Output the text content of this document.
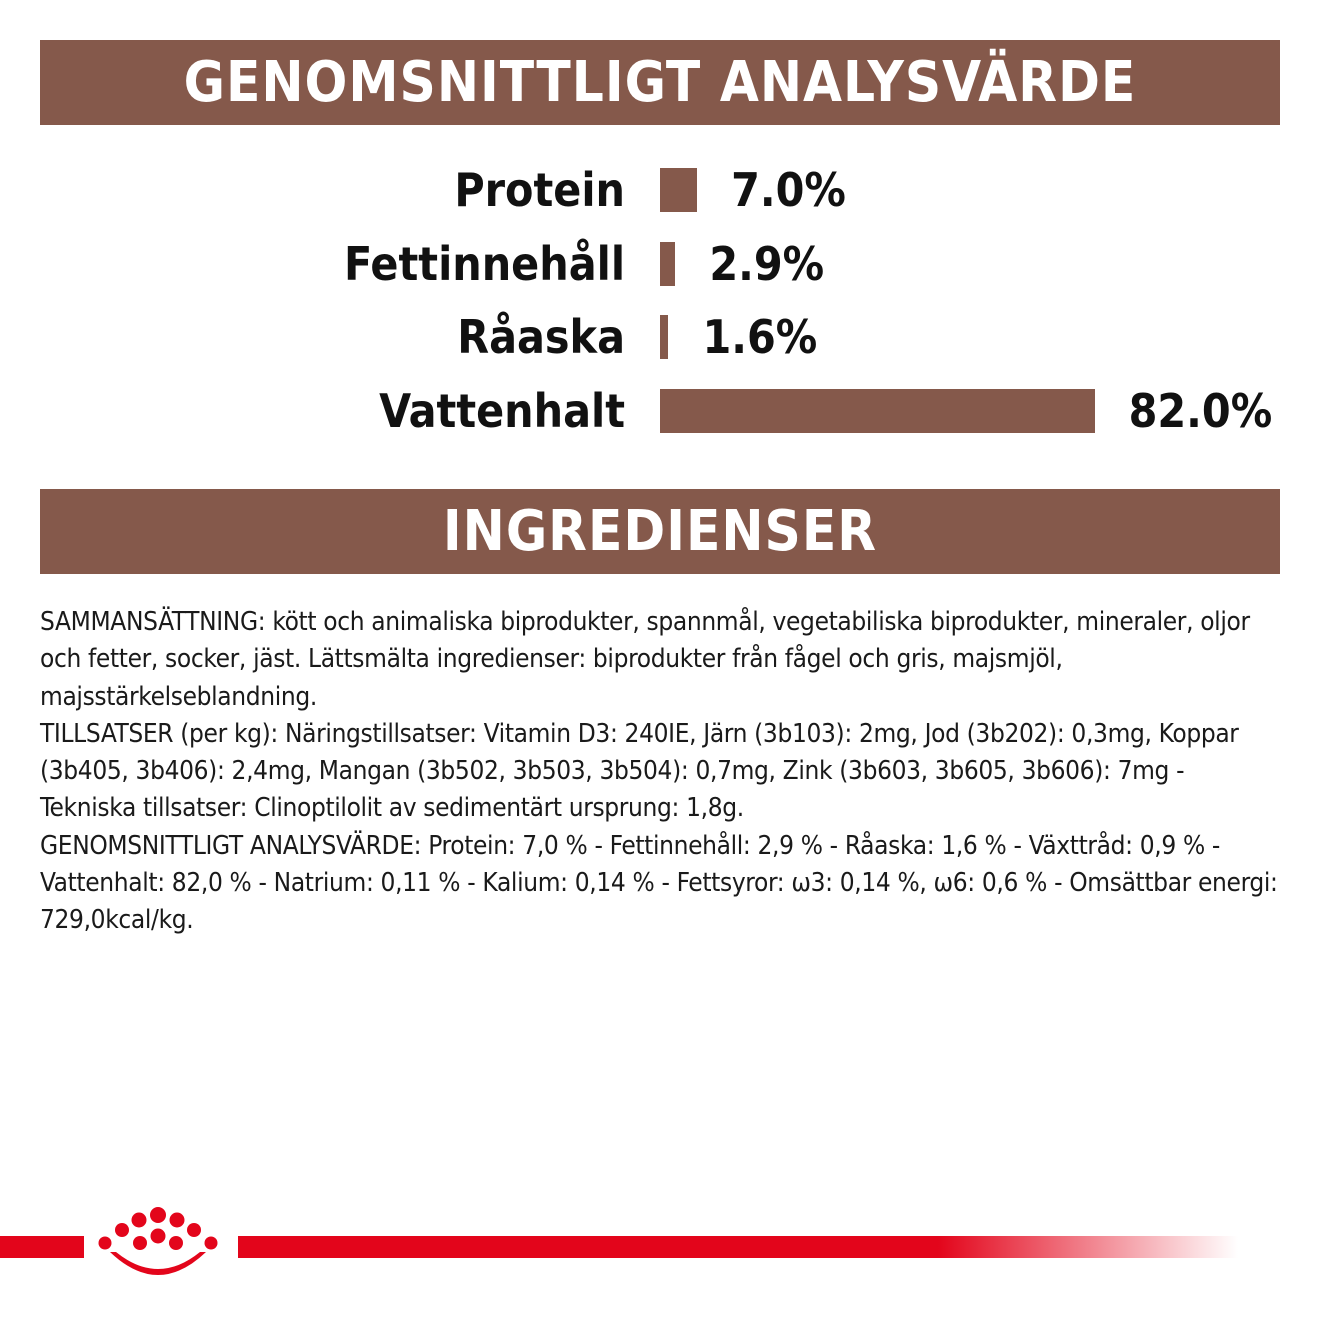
GENOMSNITTLIGT ANALYSVÄRDE
Protein 7.0%
Fettinnehåll 2.9%
Råaska 1.6%
Vattenhalt	82.0%
INGREDIENSER

SAMMANSÄTTNING: kött och animaliska biprodukter, spannmål, vegetabiliska biprodukter, mineraler, oljor och fetter, socker, jäst. Lättsmälta ingredienser: biprodukter från fågel och gris, majsmjöl, majsstärkelseblandning.

TILLSATSER (per kg): Näringstillsatser: Vitamin D3: 240IE, Järn (3b103): 2mg, Jod (3b202): 0,3mg, Koppar (3b405, 3b406): 2,4mg, Mangan (3b502, 3b503, 3b504): 0,7mg, Zink (3b603, 3b605, 3b606): 7mg - Tekniska tillsatser: Clinoptilolit av sedimentärt ursprung: 1,8g.

GENOMSNITTLIGT ANALYSVÄRDE: Protein: 7,0 % - Fettinnehåll: 2,9 % - Råaska: 1,6 % - Växttråd: 0,9 % - Vattenhalt: 82,0 % - Natrium: 0,11 % - Kalium: 0,14 % - Fettsyror: ω3: 0,14 %, ω6: 0,6 % - Omsättbar energi: 729,0kcal/kg.
